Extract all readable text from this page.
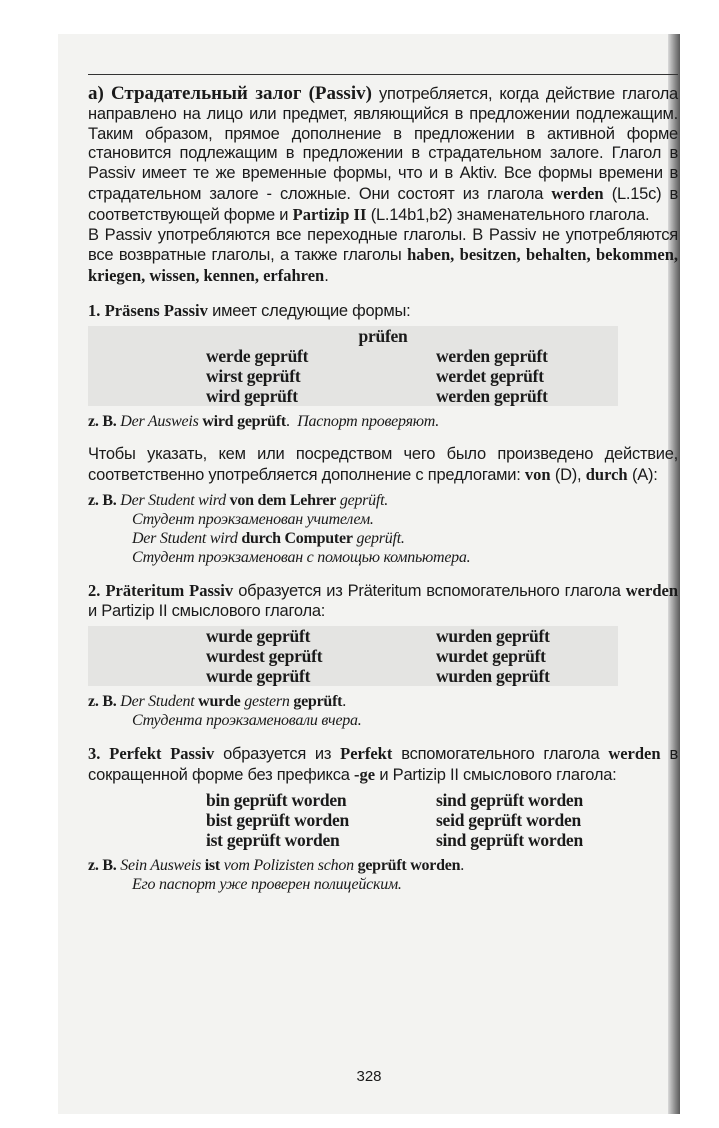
a) Страдательный залог (Passiv) употребляется, когда действие глагола направлено на лицо или предмет, являющийся в предложении подлежащим. Таким образом, прямое дополнение в предложении в активной форме становится подлежащим в предложении в страдательном залоге. Глагол в Passiv имеет те же временные формы, что и в Aktiv. Все формы времени в страдательном залоге - сложные. Они состоят из глагола werden (L.15c) в соответствующей форме и Partizip II (L.14b1,b2) знаменательного глагола.

В Passiv употребляются все переходные глаголы. В Passiv не употребляются все возвратные глаголы, а также глаголы haben, besitzen, behalten, bekommen, kriegen, wissen, kennen, erfahren.

1. Präsens Passiv имеет следующие формы:

prüfen
werde geprüft	werden geprüft
wirst geprüft	werdet geprüft
wird geprüft	werden geprüft
z. B. Der Ausweis wird geprüft. Паспорт проверяют.

Чтобы указать, кем или посредством чего было произведено действие, соответственно употребляется дополнение с предлогами: von (D), durch (A):

z. B. Der Student wird von dem Lehrer geprüft.
Студент проэкзаменован учителем.
Der Student wird durch Computer geprüft.
Студент проэкзаменован с помощью компьютера.

2. Präteritum Passiv образуется из Präteritum вспомогательного глагола werden и Partizip II смыслового глагола:

wurde geprüft	wurden geprüft
wurdest geprüft	wurdet geprüft
wurde geprüft	wurden geprüft
z. B. Der Student wurde gestern geprüft.
Студента проэкзаменовали вчера.

3. Perfekt Passiv образуется из Perfekt вспомогательного глагола werden в сокращенной форме без префикса -ge и Partizip II смыслового глагола:

bin geprüft worden	sind geprüft worden
bist geprüft worden	seid geprüft worden
ist geprüft worden	sind geprüft worden
z. B. Sein Ausweis ist vom Polizisten schon geprüft worden.
Его паспорт уже проверен полицейским.
328
